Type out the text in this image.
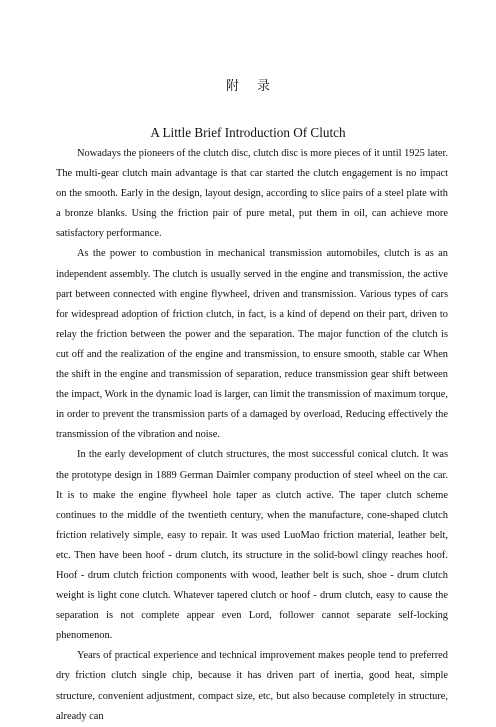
附录
A Little Brief Introduction Of Clutch

Nowadays the pioneers of the clutch disc, clutch disc is more pieces of it until 1925 later. The multi-gear clutch main advantage is that car started the clutch engagement is no impact on the smooth. Early in the design, layout design, according to slice pairs of a steel plate with a bronze blanks. Using the friction pair of pure metal, put them in oil, can achieve more satisfactory performance.

As the power to combustion in mechanical transmission automobiles, clutch is as an independent assembly. The clutch is usually served in the engine and transmission, the active part between connected with engine flywheel, driven and transmission. Various types of cars for widespread adoption of friction clutch, in fact, is a kind of depend on their part, driven to relay the friction between the power and the separation. The major function of the clutch is cut off and the realization of the engine and transmission, to ensure smooth, stable car When the shift in the engine and transmission of separation, reduce transmission gear shift between the impact, Work in the dynamic load is larger, can limit the transmission of maximum torque, in order to prevent the transmission parts of a damaged by overload, Reducing effectively the transmission of the vibration and noise.

In the early development of clutch structures, the most successful conical clutch. It was the prototype design in 1889 German Daimler company production of steel wheel on the car. It is to make the engine flywheel hole taper as clutch active. The taper clutch scheme continues to the middle of the twentieth century, when the manufacture, cone-shaped clutch friction relatively simple, easy to repair. It was used LuoMao friction material, leather belt, etc. Then have been hoof - drum clutch, its structure in the solid-bowl clingy reaches hoof. Hoof - drum clutch friction components with wood, leather belt is such, shoe - drum clutch weight is light cone clutch. Whatever tapered clutch or hoof - drum clutch, easy to cause the separation is not complete appear even Lord, follower cannot separate self-locking phenomenon.

Years of practical experience and technical improvement makes people tend to preferred dry friction clutch single chip, because it has driven part of inertia, good heat, simple structure, convenient adjustment, compact size, etc, but also because completely in structure, already can
